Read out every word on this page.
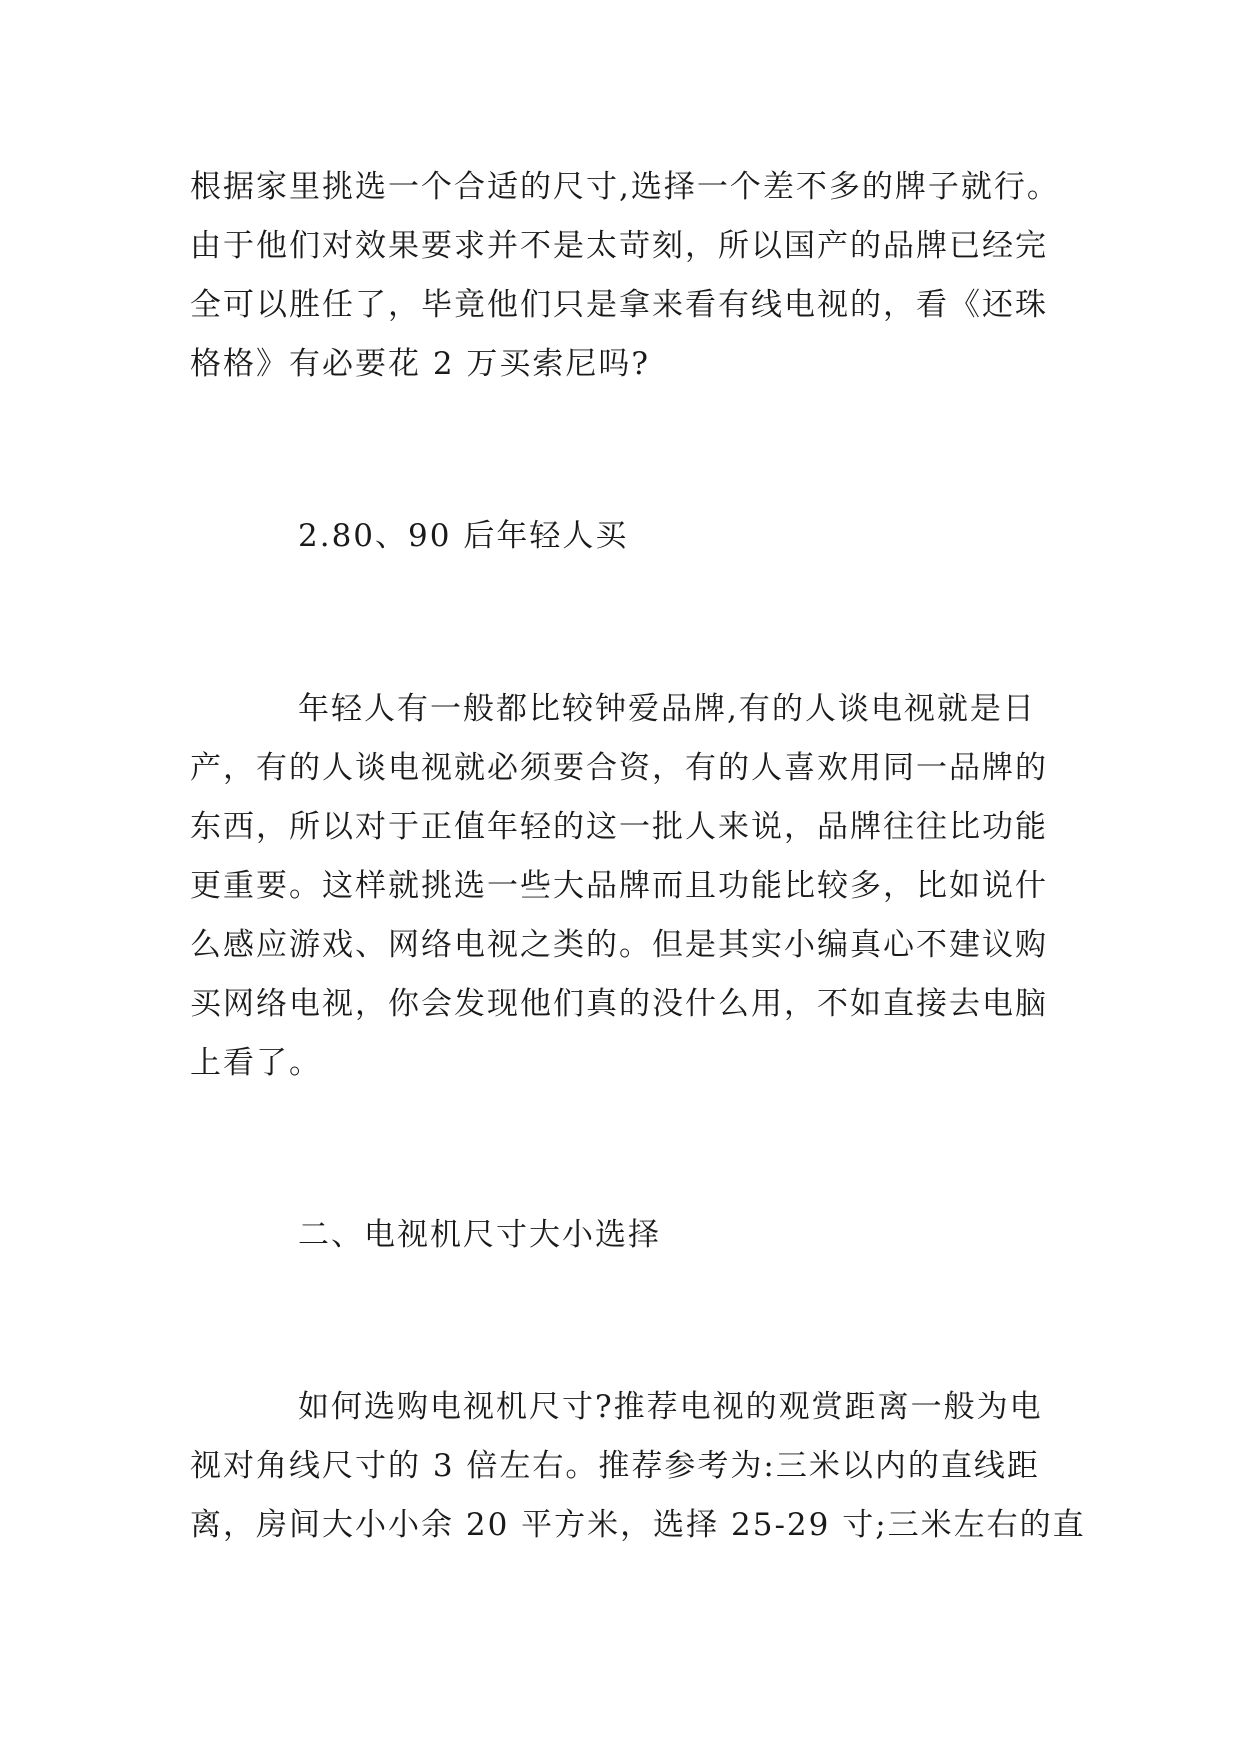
根据家里挑选一个合适的尺寸,选择一个差不多的牌子就行。
由于他们对效果要求并不是太苛刻，所以国产的品牌已经完
全可以胜任了，毕竟他们只是拿来看有线电视的，看《还珠
格格》有必要花 2 万买索尼吗?
2.80、90 后年轻人买
年轻人有一般都比较钟爱品牌,有的人谈电视就是日
产，有的人谈电视就必须要合资，有的人喜欢用同一品牌的
东西，所以对于正值年轻的这一批人来说，品牌往往比功能
更重要。这样就挑选一些大品牌而且功能比较多，比如说什
么感应游戏、网络电视之类的。但是其实小编真心不建议购
买网络电视，你会发现他们真的没什么用，不如直接去电脑
上看了。
二、电视机尺寸大小选择
如何选购电视机尺寸?推荐电视的观赏距离一般为电
视对角线尺寸的 3 倍左右。推荐参考为:三米以内的直线距
离，房间大小小余 20 平方米，选择 25-29 寸;三米左右的直
